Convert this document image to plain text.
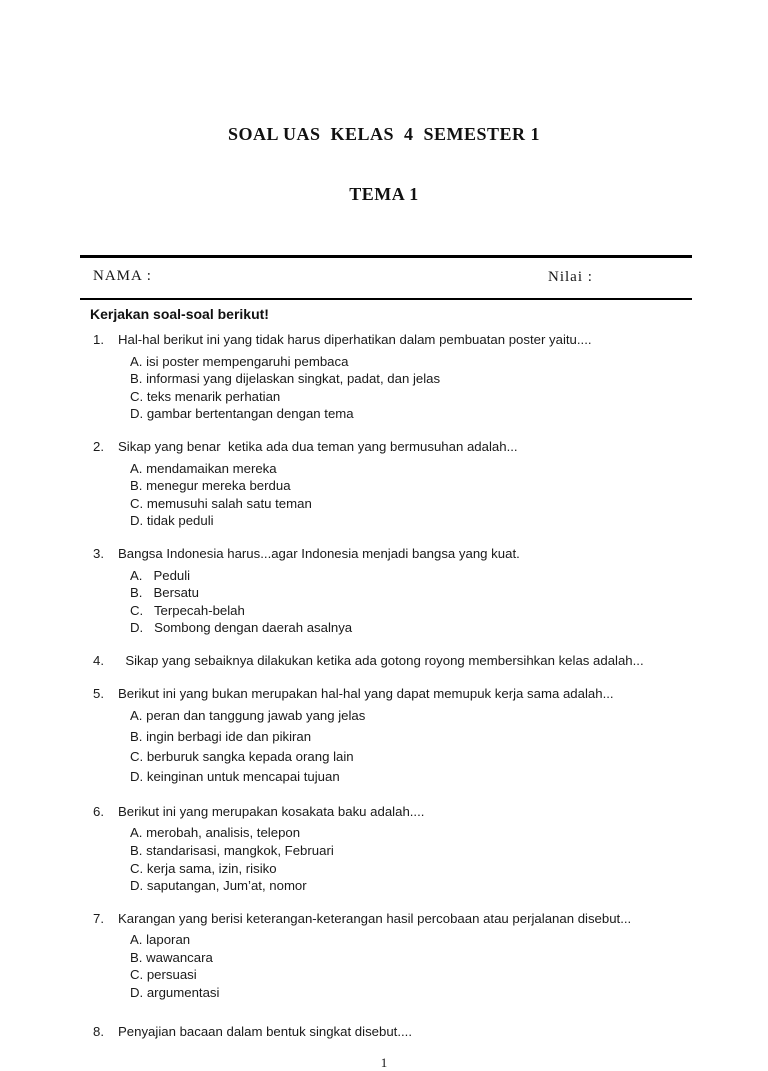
SOAL UAS  KELAS  4  SEMESTER 1

TEMA 1

NAMA :	Nilai :
Kerjakan soal-soal berikut!
1.	Hal-hal berikut ini yang tidak harus diperhatikan dalam pembuatan poster yaitu....
A. isi poster mempengaruhi pembaca
B. informasi yang dijelaskan singkat, padat, dan jelas
C. teks menarik perhatian
D. gambar bertentangan dengan tema
2.	Sikap yang benar  ketika ada dua teman yang bermusuhan adalah...
A. mendamaikan mereka
B. menegur mereka berdua
C. memusuhi salah satu teman
D. tidak peduli
3.	Bangsa Indonesia harus...agar Indonesia menjadi bangsa yang kuat.
A.   Peduli
B.   Bersatu
C.   Terpecah-belah
D.   Sombong dengan daerah asalnya
4.	Sikap yang sebaiknya dilakukan ketika ada gotong royong membersihkan kelas adalah...
5.	Berikut ini yang bukan merupakan hal-hal yang dapat memupuk kerja sama adalah...
A. peran dan tanggung jawab yang jelas
B. ingin berbagi ide dan pikiran
C. berburuk sangka kepada orang lain
D. keinginan untuk mencapai tujuan
6.	Berikut ini yang merupakan kosakata baku adalah....
A. merobah, analisis, telepon
B. standarisasi, mangkok, Februari
C. kerja sama, izin, risiko
D. saputangan, Jum’at, nomor
7.	Karangan yang berisi keterangan-keterangan hasil percobaan atau perjalanan disebut...
A. laporan
B. wawancara
C. persuasi
D. argumentasi
8.	Penyajian bacaan dalam bentuk singkat disebut....
1
